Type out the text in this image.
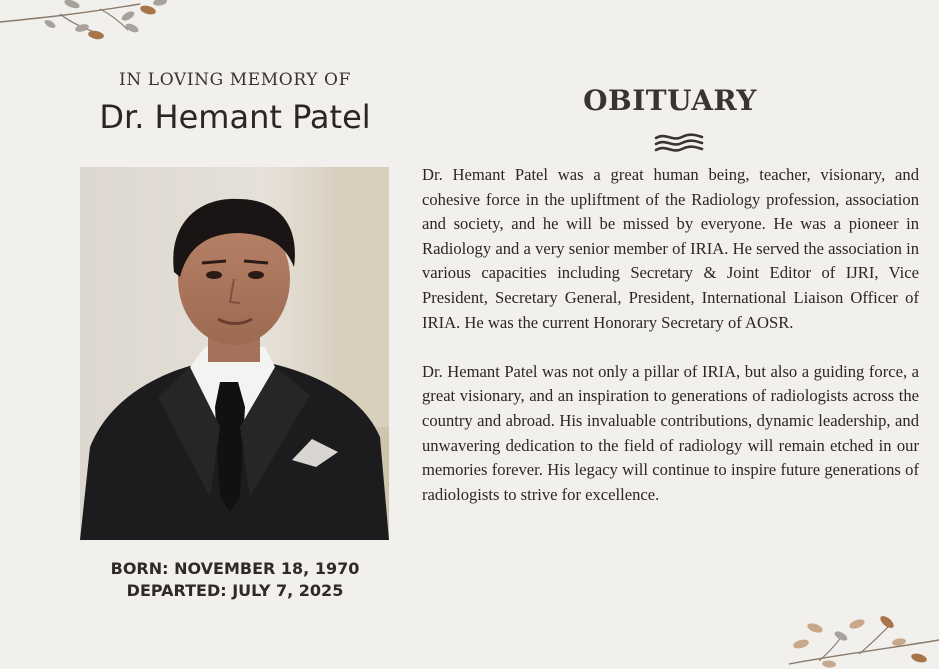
IN LOVING MEMORY OF
Dr. Hemant Patel
BORN: NOVEMBER 18, 1970
DEPARTED: JULY 7, 2025
OBITUARY

Dr. Hemant Patel was a great human being, teacher, visionary, and cohesive force in the upliftment of the Radiology profession, association and society, and he will be missed by everyone. He was a pioneer in Radiology and a very senior member of IRIA. He served the association in various capacities including Secretary & Joint Editor of IJRI, Vice President, Secretary General, President, International Liaison Officer of IRIA. He was the current Honorary Secretary of AOSR.

Dr. Hemant Patel was not only a pillar of IRIA, but also a guiding force, a great visionary, and an inspiration to generations of radiologists across the country and abroad. His invaluable contributions, dynamic leadership, and unwavering dedication to the field of radiology will remain etched in our memories forever. His legacy will continue to inspire future generations of radiologists to strive for excellence.
